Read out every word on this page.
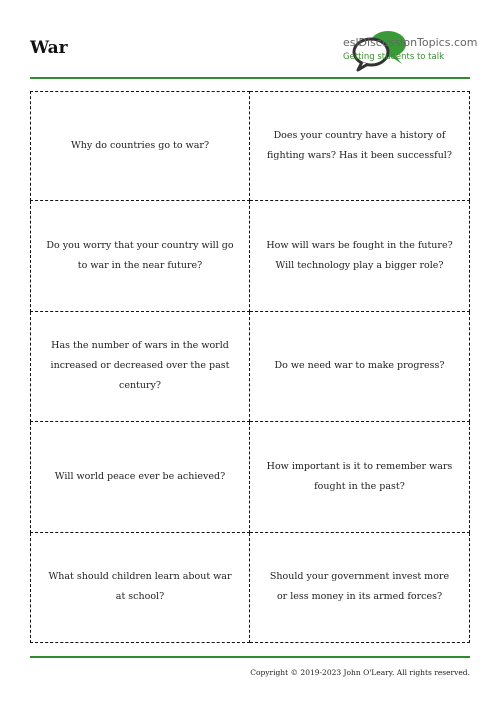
War	eslDiscussionTopics.com
Getting students to talk
Why do countries go to war?
Does your country have a history of fighting wars? Has it been successful?
Do you worry that your country will go to war in the near future?
How will wars be fought in the future? Will technology play a bigger role?
Has the number of wars in the world increased or decreased over the past century?
Do we need war to make progress?
Will world peace ever be achieved?
How important is it to remember wars fought in the past?
What should children learn about war at school?
Should your government invest more or less money in its armed forces?
Copyright © 2019-2023 John O'Leary. All rights reserved.
